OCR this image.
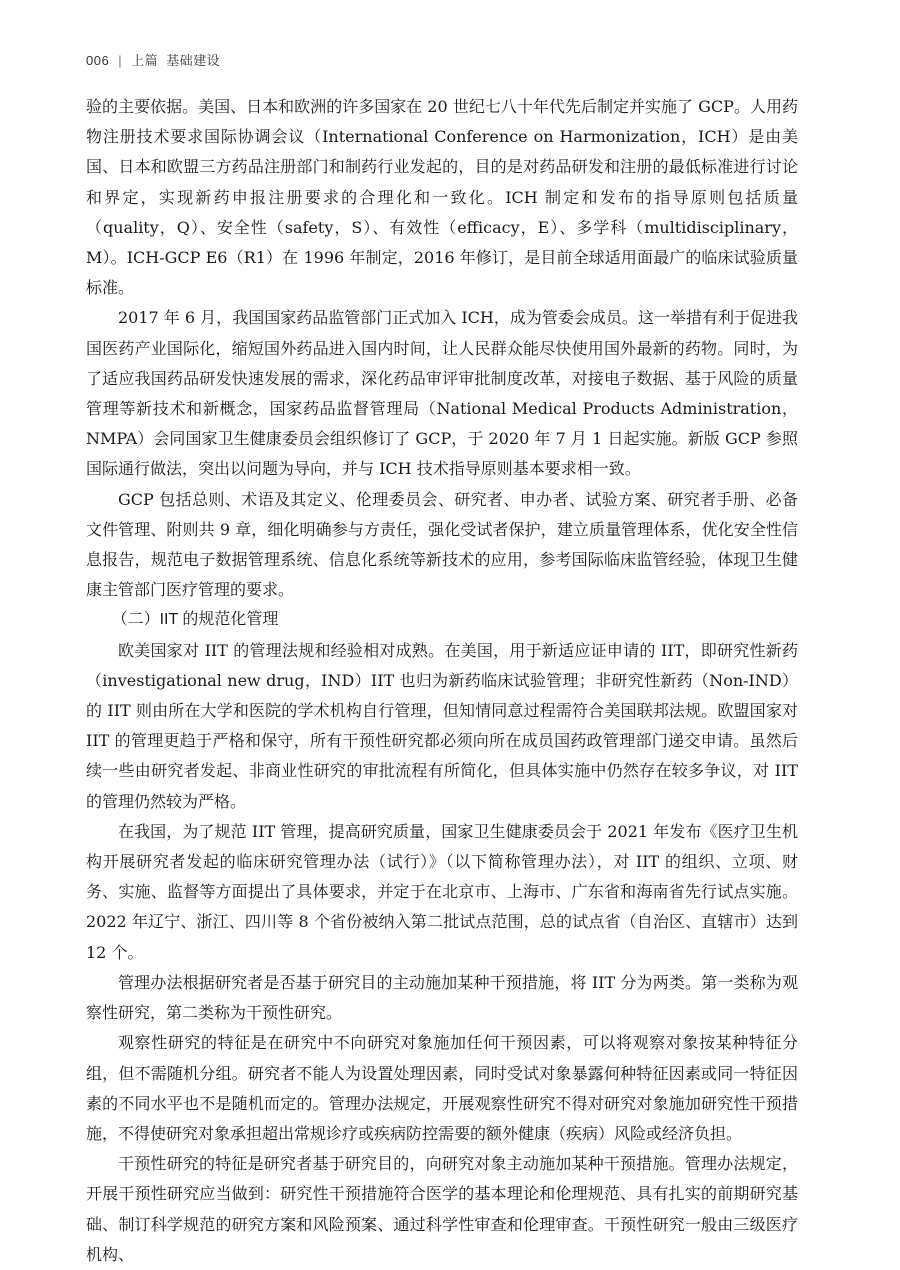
006 | 上篇 基础建设

验的主要依据。美国、日本和欧洲的许多国家在 20 世纪七八十年代先后制定并实施了 GCP。人用药物注册技术要求国际协调会议（International Conference on Harmonization，ICH）是由美国、日本和欧盟三方药品注册部门和制药行业发起的，目的是对药品研发和注册的最低标准进行讨论和界定，实现新药申报注册要求的合理化和一致化。ICH 制定和发布的指导原则包括质量（quality，Q）、安全性（safety，S）、有效性（efficacy，E）、多学科（multidisciplinary，M）。ICH-GCP E6（R1）在 1996 年制定，2016 年修订，是目前全球适用面最广的临床试验质量标准。

2017 年 6 月，我国国家药品监管部门正式加入 ICH，成为管委会成员。这一举措有利于促进我国医药产业国际化，缩短国外药品进入国内时间，让人民群众能尽快使用国外最新的药物。同时，为了适应我国药品研发快速发展的需求，深化药品审评审批制度改革，对接电子数据、基于风险的质量管理等新技术和新概念，国家药品监督管理局（National Medical Products Administration，NMPA）会同国家卫生健康委员会组织修订了 GCP，于 2020 年 7 月 1 日起实施。新版 GCP 参照国际通行做法，突出以问题为导向，并与 ICH 技术指导原则基本要求相一致。

GCP 包括总则、术语及其定义、伦理委员会、研究者、申办者、试验方案、研究者手册、必备文件管理、附则共 9 章，细化明确参与方责任，强化受试者保护，建立质量管理体系，优化安全性信息报告，规范电子数据管理系统、信息化系统等新技术的应用，参考国际临床监管经验，体现卫生健康主管部门医疗管理的要求。

（二）IIT 的规范化管理

欧美国家对 IIT 的管理法规和经验相对成熟。在美国，用于新适应证申请的 IIT，即研究性新药（investigational new drug，IND）IIT 也归为新药临床试验管理；非研究性新药（Non-IND）的 IIT 则由所在大学和医院的学术机构自行管理，但知情同意过程需符合美国联邦法规。欧盟国家对 IIT 的管理更趋于严格和保守，所有干预性研究都必须向所在成员国药政管理部门递交申请。虽然后续一些由研究者发起、非商业性研究的审批流程有所简化，但具体实施中仍然存在较多争议，对 IIT 的管理仍然较为严格。

在我国，为了规范 IIT 管理，提高研究质量，国家卫生健康委员会于 2021 年发布《医疗卫生机构开展研究者发起的临床研究管理办法（试行）》（以下简称管理办法），对 IIT 的组织、立项、财务、实施、监督等方面提出了具体要求，并定于在北京市、上海市、广东省和海南省先行试点实施。2022 年辽宁、浙江、四川等 8 个省份被纳入第二批试点范围，总的试点省（自治区、直辖市）达到 12 个。

管理办法根据研究者是否基于研究目的主动施加某种干预措施，将 IIT 分为两类。第一类称为观察性研究，第二类称为干预性研究。

观察性研究的特征是在研究中不向研究对象施加任何干预因素，可以将观察对象按某种特征分组，但不需随机分组。研究者不能人为设置处理因素，同时受试对象暴露何种特征因素或同一特征因素的不同水平也不是随机而定的。管理办法规定，开展观察性研究不得对研究对象施加研究性干预措施，不得使研究对象承担超出常规诊疗或疾病防控需要的额外健康（疾病）风险或经济负担。

干预性研究的特征是研究者基于研究目的，向研究对象主动施加某种干预措施。管理办法规定，开展干预性研究应当做到：研究性干预措施符合医学的基本理论和伦理规范、具有扎实的前期研究基础、制订科学规范的研究方案和风险预案、通过科学性审查和伦理审查。干预性研究一般由三级医疗机构、
